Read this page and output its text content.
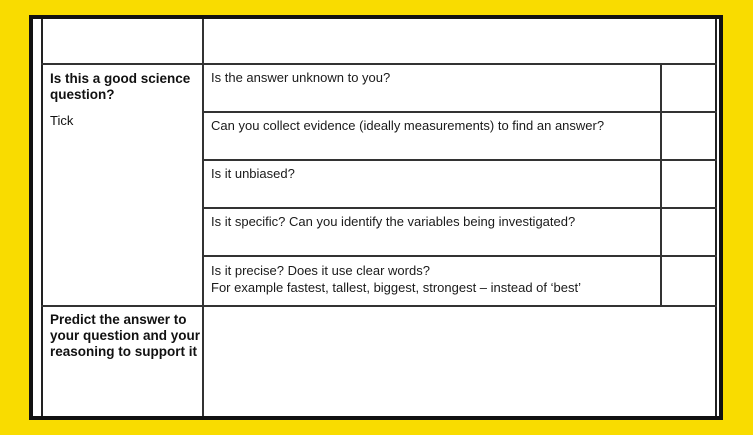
Is this a good science question?
Tick
Is the answer unknown to you?
Can you collect evidence (ideally measurements) to find an answer?
Is it unbiased?
Is it specific? Can you identify the variables being investigated?
Is it precise? Does it use clear words?
For example fastest, tallest, biggest, strongest – instead of ‘best’
Predict the answer to your question and your reasoning to support it
